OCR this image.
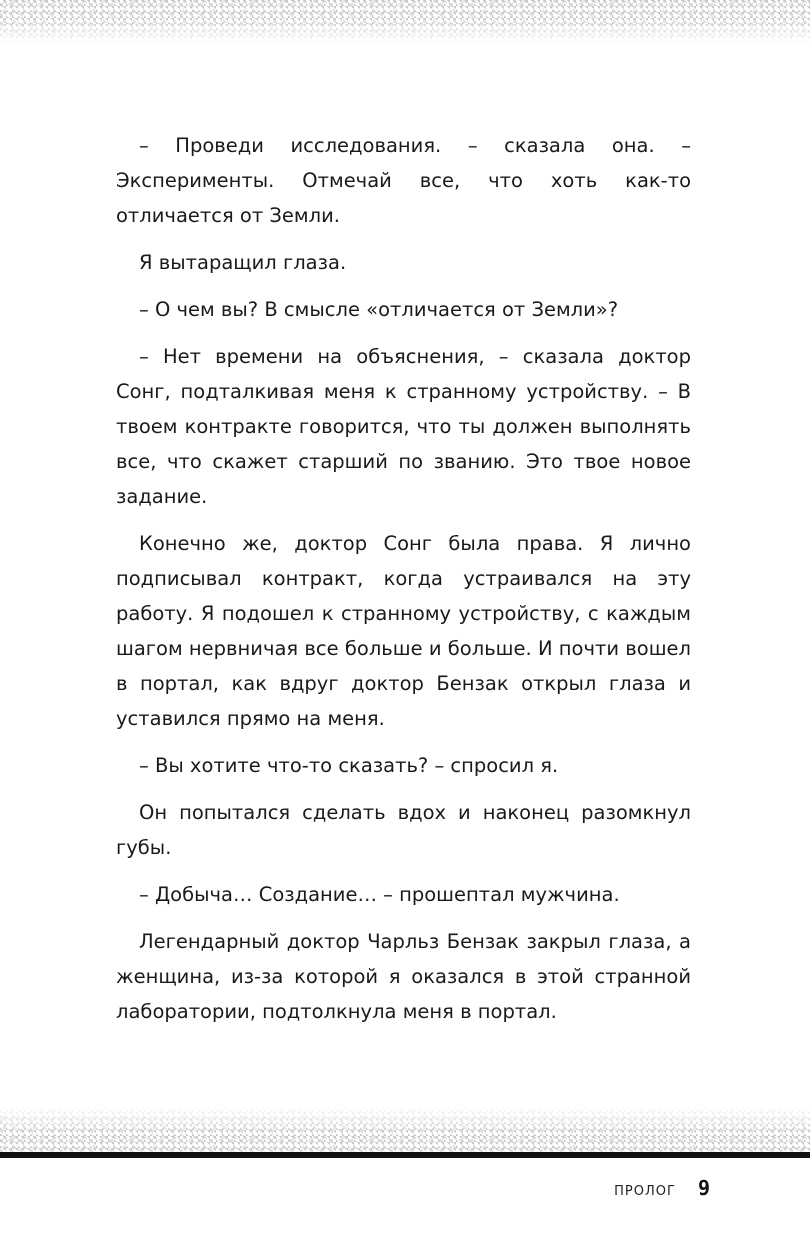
– Проведи исследования. – сказала она. – Эксперименты. Отмечай все, что хоть как-то отличается от Земли.

Я вытаращил глаза.

– О чем вы? В смысле «отличается от Земли»?

– Нет времени на объяснения, – сказала доктор Сонг, подталкивая меня к странному устройству. – В твоем контракте говорится, что ты должен выполнять все, что скажет старший по званию. Это твое новое задание.

Конечно же, доктор Сонг была права. Я лично подписывал контракт, когда устраивался на эту работу. Я подошел к странному устройству, с каждым шагом нервничая все больше и больше. И почти вошел в портал, как вдруг доктор Бензак открыл глаза и уставился прямо на меня.

– Вы хотите что-то сказать? – спросил я.

Он попытался сделать вдох и наконец разомкнул губы.

– Добыча… Создание… – прошептал мужчина.

Легендарный доктор Чарльз Бензак закрыл глаза, а женщина, из-за которой я оказался в этой странной лаборатории, подтолкнула меня в портал.

ПРОЛОГ 9
